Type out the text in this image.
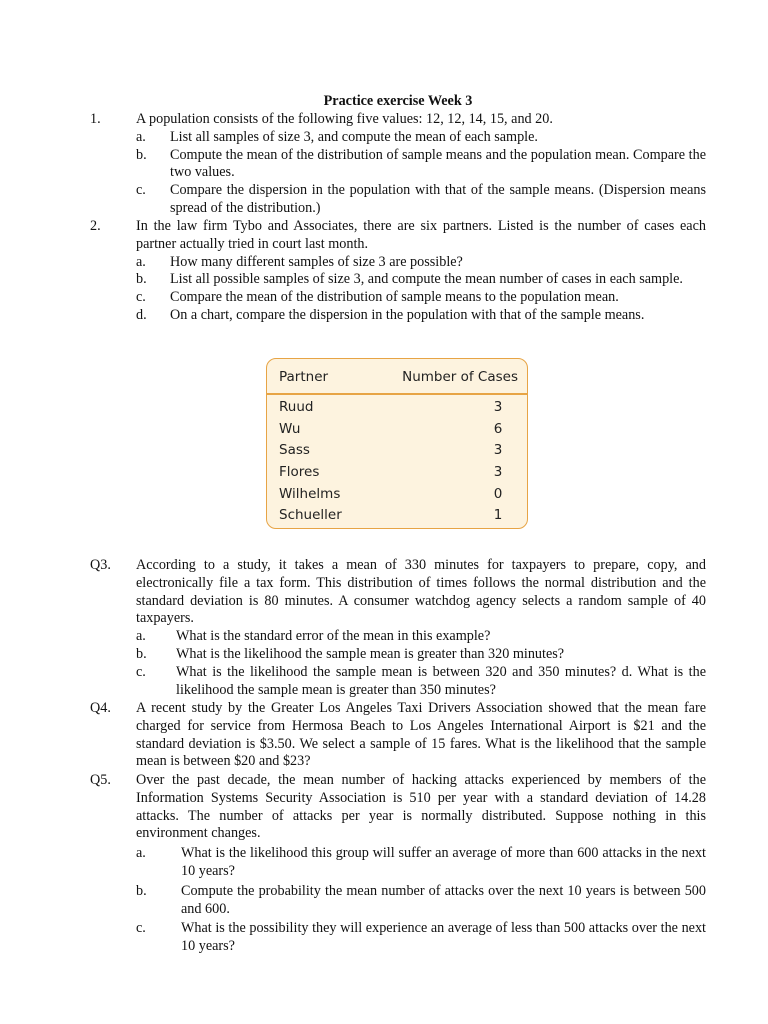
Practice exercise Week 3
1.	A population consists of the following five values: 12, 12, 14, 15, and 20.
a.	List all samples of size 3, and compute the mean of each sample.
b.	Compute the mean of the distribution of sample means and the population mean. Compare the two values.
c.	Compare the dispersion in the population with that of the sample means. (Dispersion means spread of the distribution.)
2.	In the law firm Tybo and Associates, there are six partners. Listed is the number of cases each partner actually tried in court last month.
a.	How many different samples of size 3 are possible?
b.	List all possible samples of size 3, and compute the mean number of cases in each sample.
c.	Compare the mean of the distribution of sample means to the population mean.
d.	On a chart, compare the dispersion in the population with that of the sample means.
Partner	Number of Cases
Ruud	3
Wu	6
Sass	3
Flores	3
Wilhelms	0
Schueller	1
Q3.	According to a study, it takes a mean of 330 minutes for taxpayers to prepare, copy, and electronically file a tax form. This distribution of times follows the normal distribution and the standard deviation is 80 minutes. A consumer watchdog agency selects a random sample of 40 taxpayers.
a.	What is the standard error of the mean in this example?
b.	What is the likelihood the sample mean is greater than 320 minutes?
c.	What is the likelihood the sample mean is between 320 and 350 minutes? d. What is the likelihood the sample mean is greater than 350 minutes?
Q4.	A recent study by the Greater Los Angeles Taxi Drivers Association showed that the mean fare charged for service from Hermosa Beach to Los Angeles International Airport is $21 and the standard deviation is $3.50. We select a sample of 15 fares. What is the likelihood that the sample mean is between $20 and $23?
Q5.	Over the past decade, the mean number of hacking attacks experienced by members of the Information Systems Security Association is 510 per year with a standard deviation of 14.28 attacks. The number of attacks per year is normally distributed. Suppose nothing in this environment changes.
a.	What is the likelihood this group will suffer an average of more than 600 attacks in the next 10 years?
b.	Compute the probability the mean number of attacks over the next 10 years is between 500 and 600.
c.	What is the possibility they will experience an average of less than 500 attacks over the next 10 years?
